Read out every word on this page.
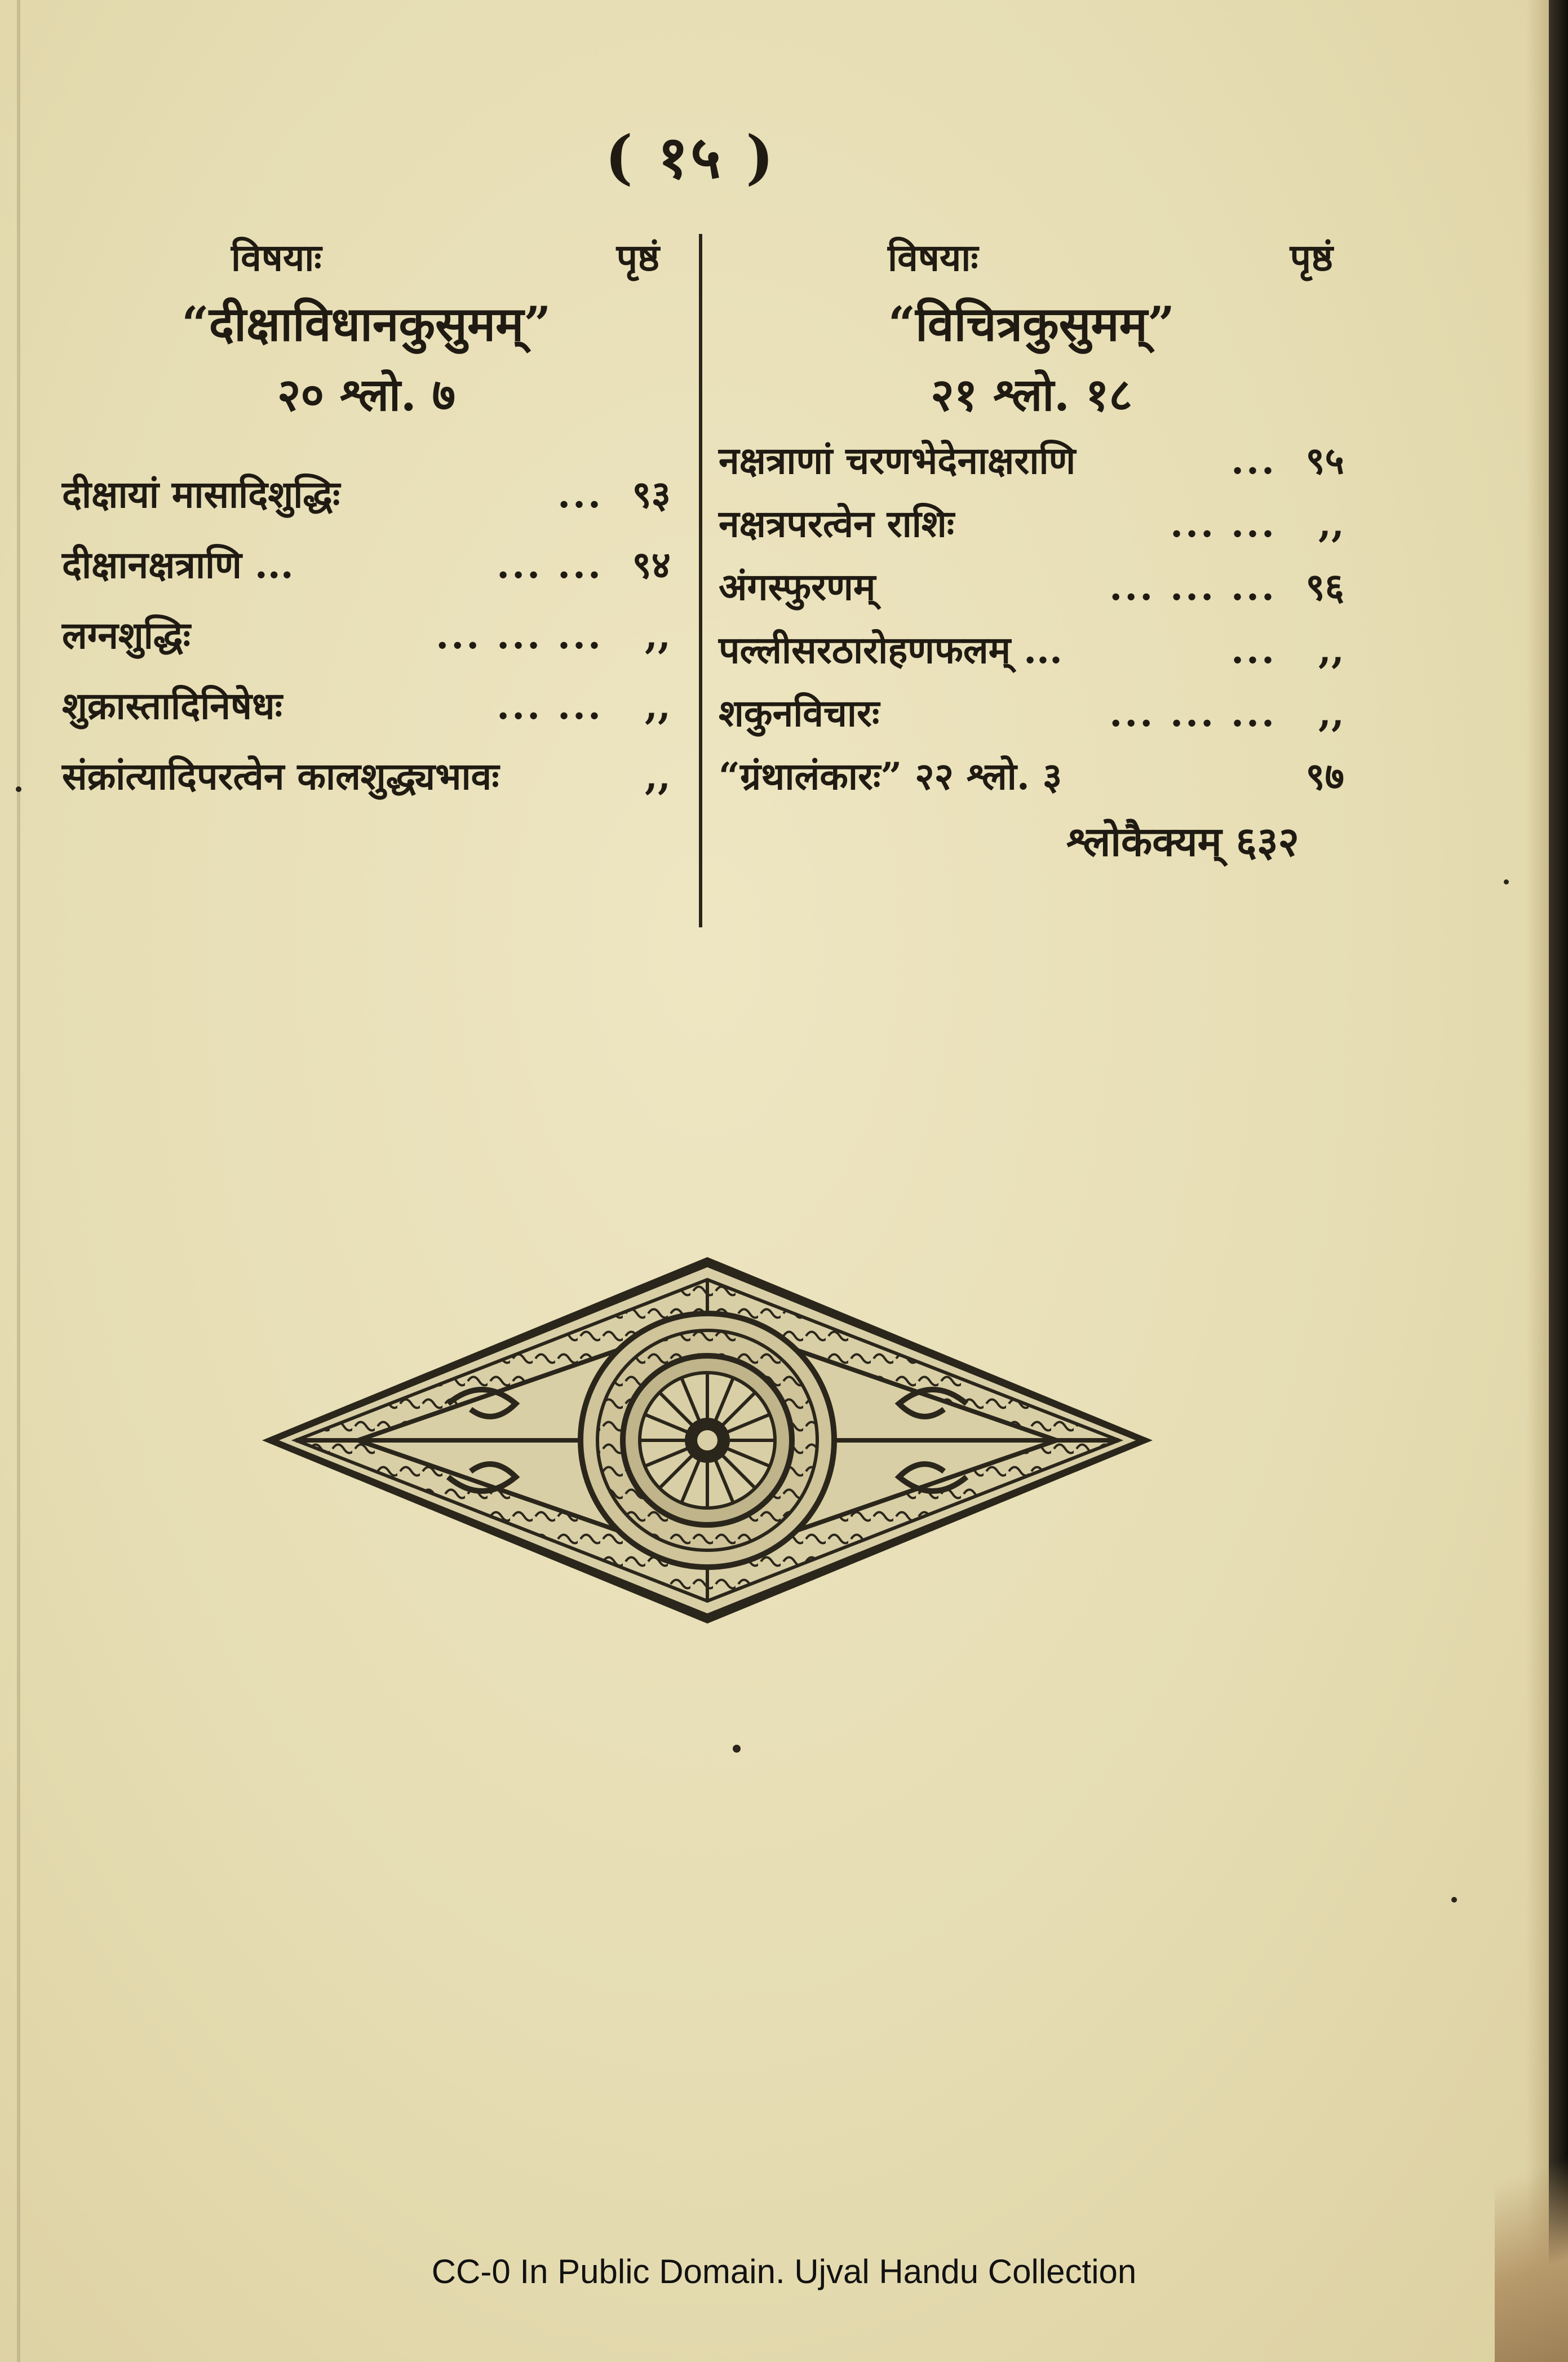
( १५ )
विषयाः	पृष्ठं
“दीक्षाविधानकुसुमम्”
२० श्लो. ७
दीक्षायां मासादिशुद्धिः	... ९३
दीक्षानक्षत्राणि ...	... ... ९४
लग्नशुद्धिः	... ... ...	,,
शुक्रास्तादिनिषेधः	... ...	,,
संक्रांत्यादिपरत्वेन कालशुद्ध्यभावः	,,
विषयाः	पृष्ठं
“विचित्रकुसुमम्”
२१ श्लो. १८
नक्षत्राणां चरणभेदेनाक्षराणि	... ९५
नक्षत्रपरत्वेन राशिः	... ...	,,
अंगस्फुरणम्	... ... ... ९६
पल्लीसरठारोहणफलम् ...	...	,,
शकुनविचारः	... ... ...	,,
“ग्रंथालंकारः” २२ श्लो. ३	९७
श्लोकैक्यम् ६३२
CC-0 In Public Domain. Ujval Handu Collection
